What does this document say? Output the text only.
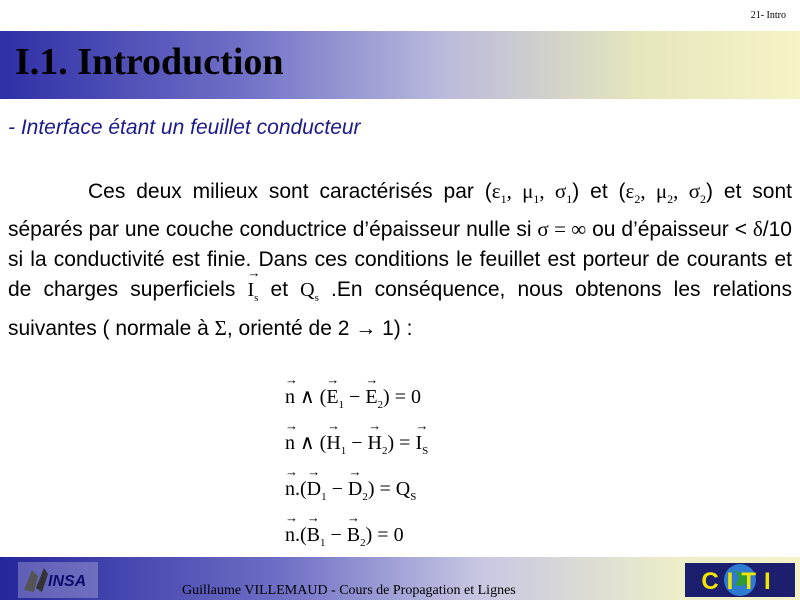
21- Intro
I.1. Introduction
- Interface étant un feuillet conducteur
Ces deux milieux sont caractérisés par ($\varepsilon_1$, $\mu_1$, $\sigma_1$) et ($\varepsilon_2$, $\mu_2$, $\sigma_2$) et sont séparés par une couche conductrice d’épaisseur nulle si σ = ∞ ou d’épaisseur < δ/10 si la conductivité est finie. Dans ces conditions le feuillet est porteur de courants et de charges superficiels → $I_s$ et $Q_s$ .En conséquence, nous obtenons les relations suivantes ( normale à Σ, orienté de 2 → 1) :
→ n ∧ (→ $E_1$ − → $E_2) = 0$
→ n ∧ (→ $H_1$ − → $H_2$) = → $I_S$
→ $n.(\to D_1$ − → $D_2) = Q_S$
→ $n.(\to B_1$ − → $B_2) = 0$
INSA
Guillaume VILLEMAUD - Cours de Propagation et Lignes	CITI
